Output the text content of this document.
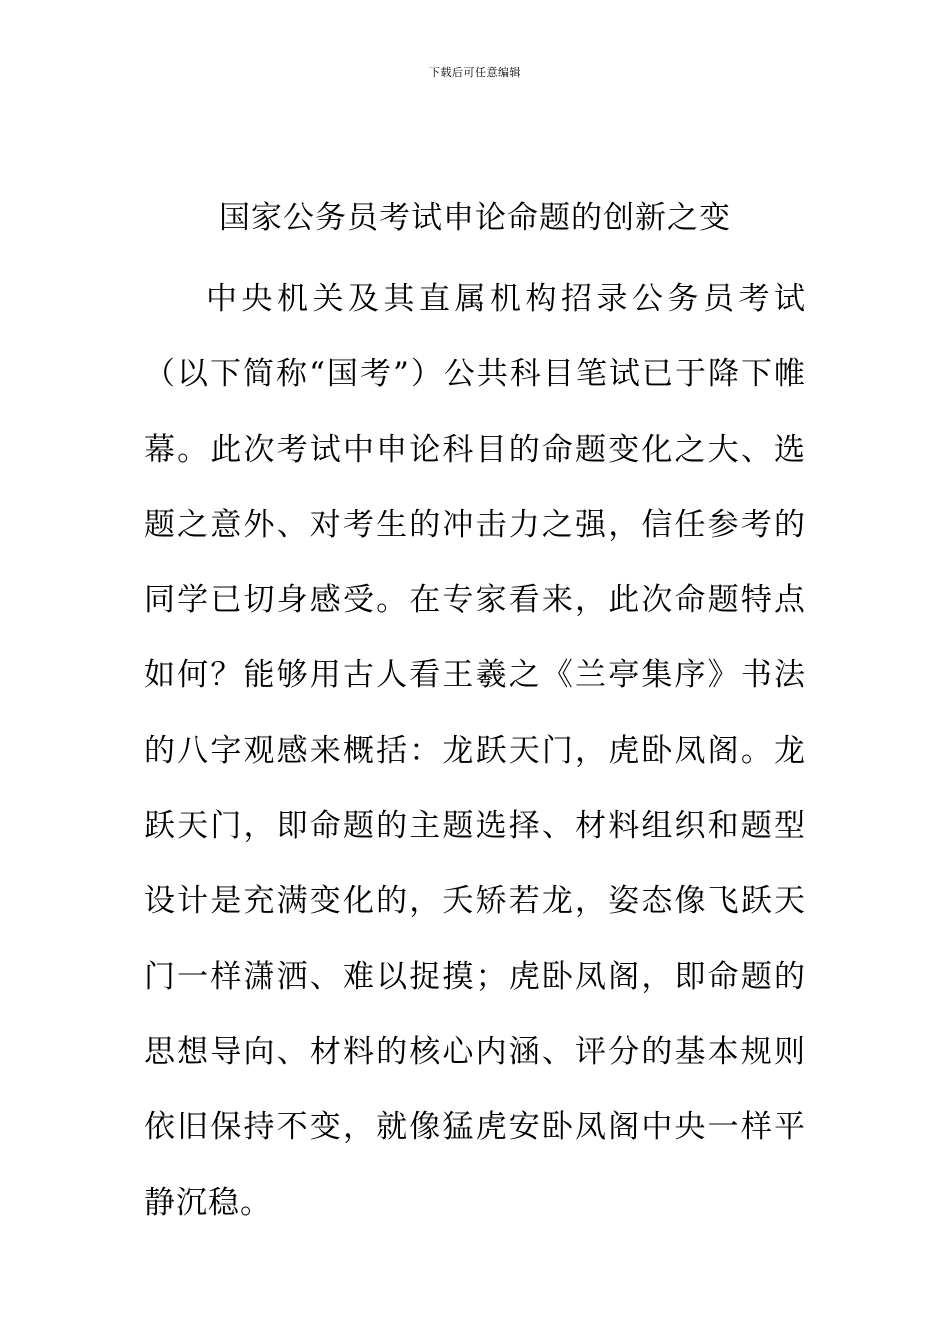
下载后可任意编辑
国家公务员考试申论命题的创新之变

中央机关及其直属机构招录公务员考试（以下简称“国考”）公共科目笔试已于降下帷幕。此次考试中申论科目的命题变化之大、选题之意外、对考生的冲击力之强，信任参考的同学已切身感受。在专家看来，此次命题特点如何？能够用古人看王羲之《兰亭集序》书法的八字观感来概括：龙跃天门，虎卧凤阁。龙跃天门，即命题的主题选择、材料组织和题型设计是充满变化的，夭矫若龙，姿态像飞跃天门一样潇洒、难以捉摸；虎卧凤阁，即命题的思想导向、材料的核心内涵、评分的基本规则依旧保持不变，就像猛虎安卧凤阁中央一样平静沉稳。
